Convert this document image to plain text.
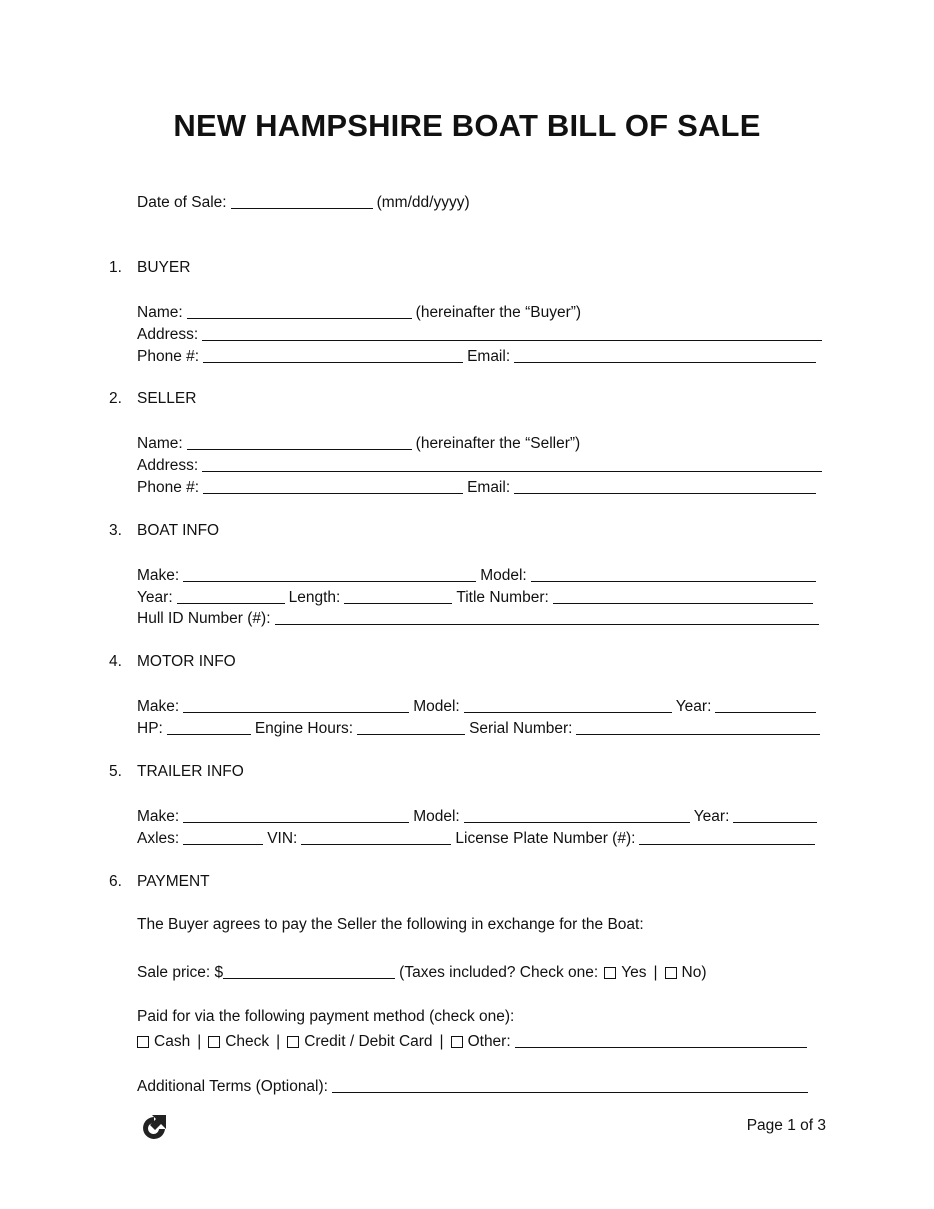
NEW HAMPSHIRE BOAT BILL OF SALE
Date of Sale:	(mm/dd/yyyy)
1. BUYER
Name:	(hereinafter the “Buyer”)
Address:
Phone #:	Email:
2. SELLER
Name:	(hereinafter the “Seller”)
Address:
Phone #:	Email:
3. BOAT INFO
Make:	Model:
Year:	Length:	Title Number:
Hull ID Number (#):
4. MOTOR INFO
Make:	Model:	Year:
HP:	Engine Hours:	Serial Number:
5. TRAILER INFO
Make:	Model:	Year:
Axles:	VIN:	License Plate Number (#):
6. PAYMENT
The Buyer agrees to pay the Seller the following in exchange for the Boat:
Sale price: $	(Taxes included? Check one: Yes | No)
Paid for via the following payment method (check one):
Cash | Check | Credit / Debit Card | Other:
Additional Terms (Optional):
Page 1 of 3
